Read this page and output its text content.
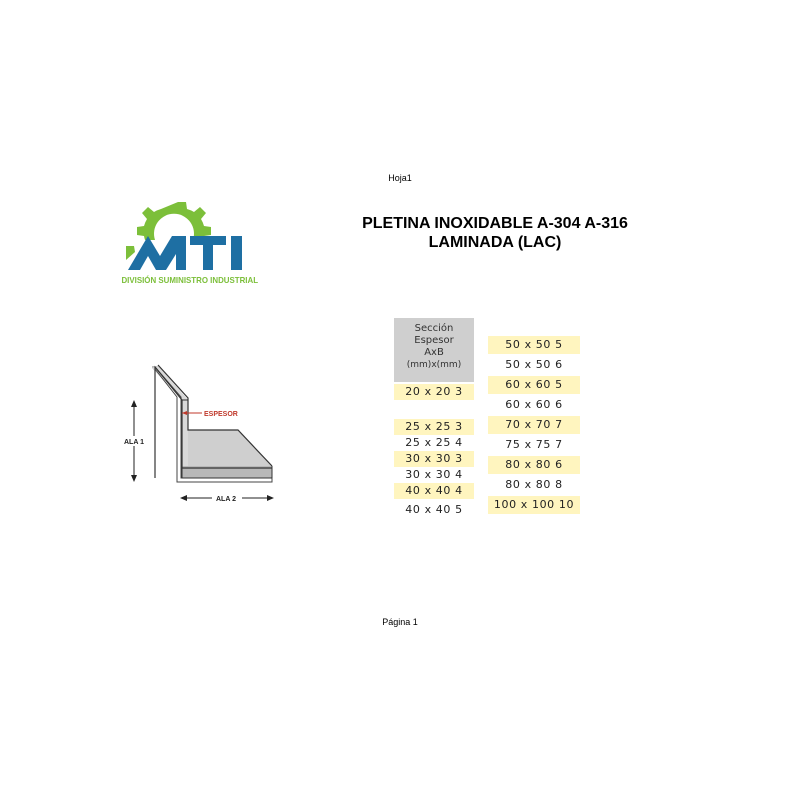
Hoja1
DIVISIÓN SUMINISTRO INDUSTRIAL
PLETINA INOXIDABLE A-304 A-316
LAMINADA (LAC)
ESPESOR
ALA 1
ALA 2
Sección
Espesor
AxB
(mm)x(mm)
20 x 20 3
25 x 25 3
25 x 25 4
30 x 30 3
30 x 30 4
40 x 40 4
40 x 40 5
50 x 50 5
50 x 50 6
60 x 60 5
60 x 60 6
70 x 70 7
75 x 75 7
80 x 80 6
80 x 80 8
100 x 100 10
Página 1
